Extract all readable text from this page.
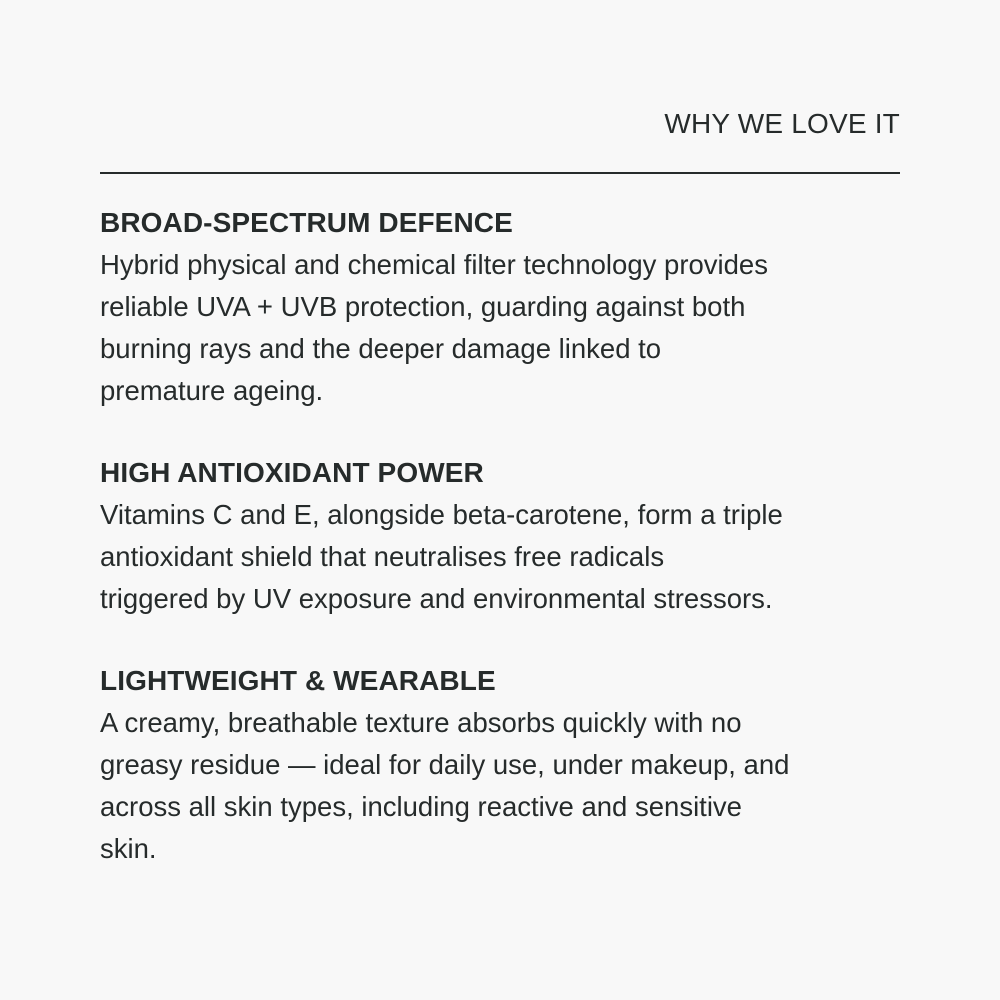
WHY WE LOVE IT
BROAD-SPECTRUM DEFENCE

Hybrid physical and chemical filter technology provides
reliable UVA + UVB protection, guarding against both
burning rays and the deeper damage linked to
premature ageing.

HIGH ANTIOXIDANT POWER

Vitamins C and E, alongside beta-carotene, form a triple
antioxidant shield that neutralises free radicals
triggered by UV exposure and environmental stressors.

LIGHTWEIGHT & WEARABLE

A creamy, breathable texture absorbs quickly with no
greasy residue — ideal for daily use, under makeup, and
across all skin types, including reactive and sensitive
skin.
